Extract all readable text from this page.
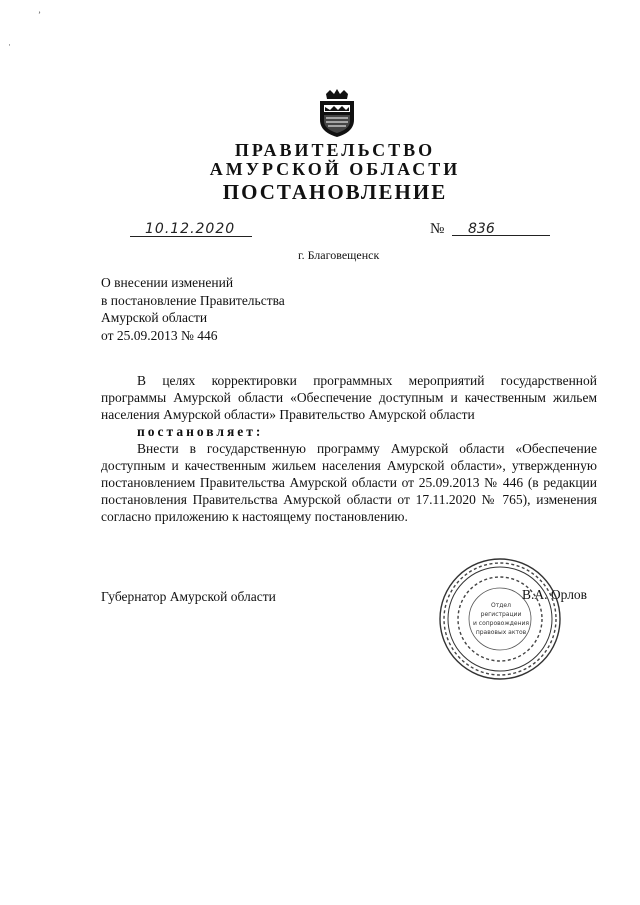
ʼ
·
ПРАВИТЕЛЬСТВО
АМУРСКОЙ ОБЛАСТИ
ПОСТАНОВЛЕНИЕ
10.12.2020	№ 836
г. Благовещенск
О внесении изменений
в постановление Правительства
Амурской области
от 25.09.2013 № 446

В целях корректировки программных мероприятий государственной программы Амурской области «Обеспечение доступным и качественным жильем населения Амурской области» Правительство Амурской области

постановляет:

Внести в государственную программу Амурской области «Обеспечение доступным и качественным жильем населения Амурской области», утвержденную постановлением Правительства Амурской области от 25.09.2013 № 446 (в редакции постановления Правительства Амурской области от 17.11.2020 № 765), изменения согласно приложению к настоящему постановлению.

Губернатор Амурской области
Отдел
регистрации
и сопровождения
правовых актов
В.А. Орлов
